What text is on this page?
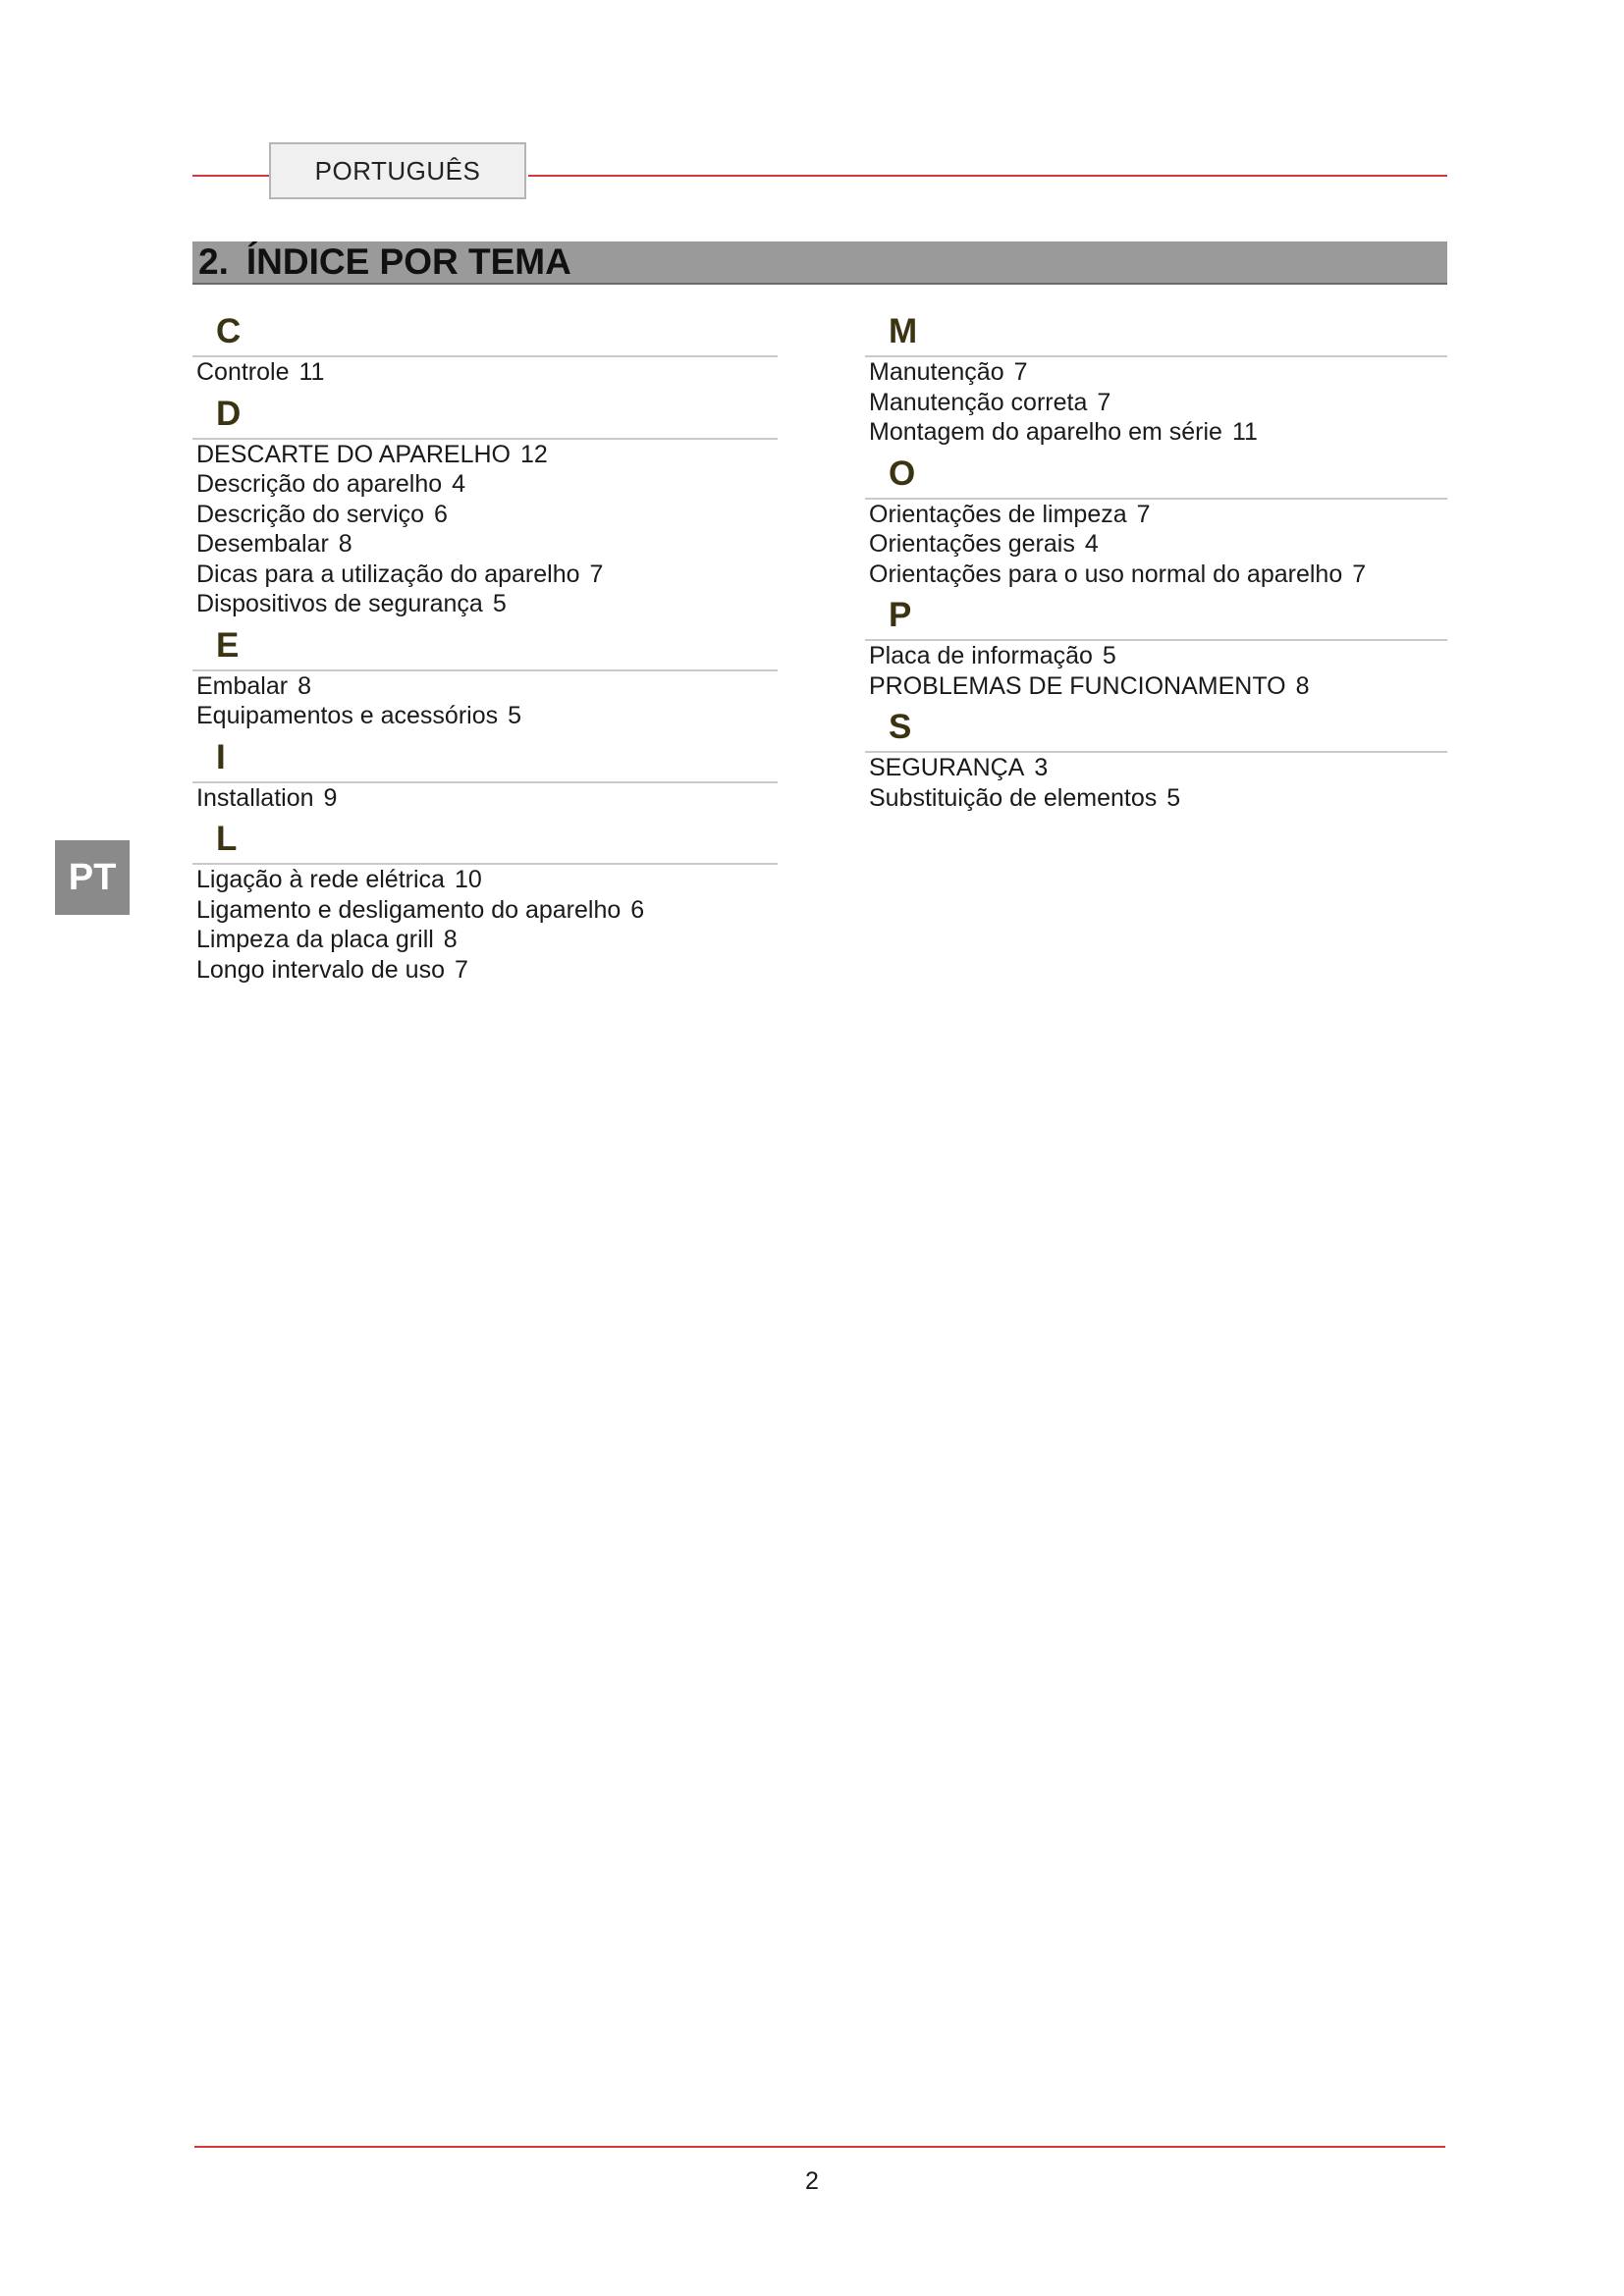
PORTUGUÊS
2. ÍNDICE POR TEMA
C
Controle 11
D
DESCARTE DO APARELHO 12
Descrição do aparelho 4
Descrição do serviço 6
Desembalar 8
Dicas para a utilização do aparelho 7
Dispositivos de segurança 5
E
Embalar 8
Equipamentos e acessórios 5
I
Installation 9
L
Ligação à rede elétrica 10
Ligamento e desligamento do aparelho 6
Limpeza da placa grill 8
Longo intervalo de uso 7
M
Manutenção 7
Manutenção correta 7
Montagem do aparelho em série 11
O
Orientações de limpeza 7
Orientações gerais 4
Orientações para o uso normal do aparelho 7
P
Placa de informação 5
PROBLEMAS DE FUNCIONAMENTO 8
S
SEGURANÇA 3
Substituição de elementos 5
PT
2
